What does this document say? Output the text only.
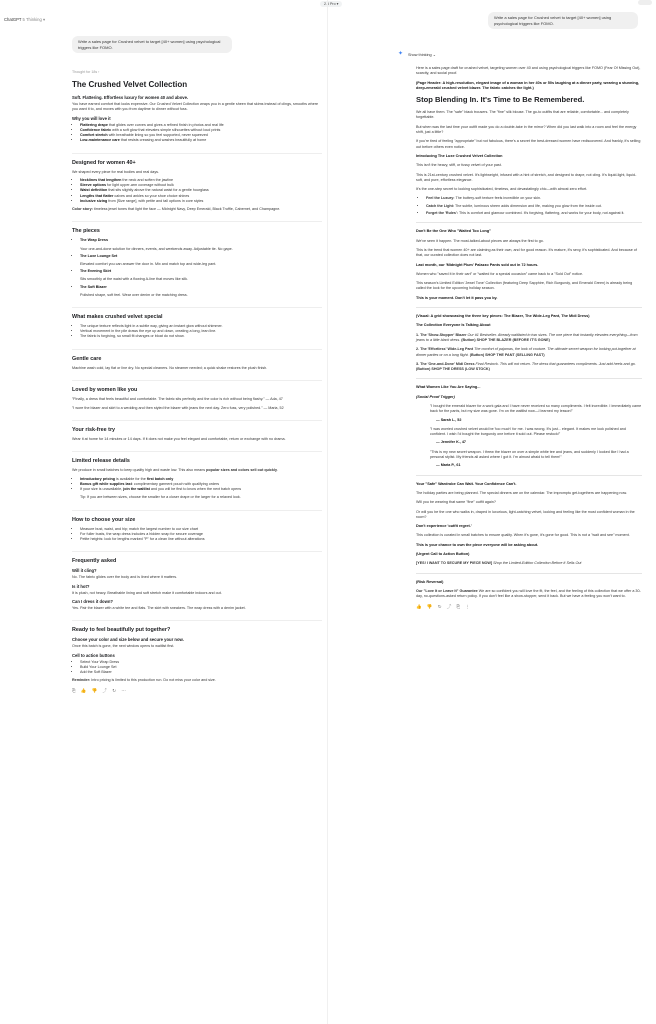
2.5 Pro ▾
ChatGPT 5 Thinking ▾
Write a sales page for Crushed velvet to target [40+ women] using psychological triggers like FOMO.
Thought for 18s ›
The Crushed Velvet Collection
Soft. Flattering. Effortless luxury for women 40 and above.
You have earned comfort that looks expensive. Our Crushed Velvet Collection wraps you in a gentle sheen that skims instead of clings, smooths where you want it to, and moves with you from daytime to dinner without fuss.
Why you will love it
• Flattering drape that glides over curves and gives a refined finish in photos and real life
• Confidence fabric with a soft glow that elevates simple silhouettes without loud prints
• Comfort stretch with breathable lining so you feel supported, never squeezed
• Low-maintenance care that resists creasing and washes beautifully at home
Designed for women 40+
We shaped every piece for real bodies and real days.
• Necklines that lengthen the neck and soften the jawline
• Sleeve options for light upper-arm coverage without bulk
• Waist definition that sits slightly above the natural waist for a gentle hourglass
• Lengths that flatter calves and ankles so your shoe choice shines
• Inclusive sizing from [Size range], with petite and tall options in core styles
Color story: timeless jewel tones that light the face — Midnight Navy, Deep Emerald, Black Truffle, Cabernet, and Champagne.
The pieces
• The Wrap Dress
Your one-and-done solution for dinners, events, and weekends away. Adjustable tie. No gape.
• The Luxe Lounge Set
Elevated comfort you can answer the door in. Mix and match top and wide-leg pant.
• The Evening Skirt
Sits smoothly at the waist with a flowing A-line that moves like silk.
• The Soft Blazer
Polished shape, soft feel. Wear over denim or the matching dress.
What makes crushed velvet special
• The unique texture reflects light in a subtle way, giving an instant glow without shimmer.
• Vertical movement in the pile draws the eye up and down, creating a long, lean line.
• The fabric is forgiving, so small fit changes or bloat do not show.
Gentle care
Machine wash cold, lay flat or line dry. No special cleaners. No steamer needed; a quick shake restores the plush finish.
Loved by women like you
"Finally, a dress that feels beautiful and comfortable. The fabric sits perfectly and the color is rich without being flashy." — Ada, 47
"I wore the blazer and skirt to a wedding and then styled the blazer with jeans the next day. Zero fuss, very polished." — Maria, 52
Your risk-free try
Wear it at home for 14 minutes or 14 days. If it does not make you feel elegant and comfortable, return or exchange with no drama.
Limited release details
We produce in small batches to keep quality high and waste low. This also means popular sizes and colors sell out quickly.
• Introductory pricing is available for the first batch only
• Bonus gift while supplies last: complimentary garment pouch with qualifying orders
• If your size is unavailable, join the waitlist and you will be first to know when the next batch opens
Tip: If you are between sizes, choose the smaller for a closer drape or the larger for a relaxed look.
How to choose your size
• Measure bust, waist, and hip; match the largest number to our size chart
• For fuller busts, the wrap dress includes a hidden snap for secure coverage
• Petite heights: look for lengths marked "P" for a clean line without alterations
Frequently asked
Will it cling?
No. The fabric glides over the body and is lined where it matters.
Is it hot?
It is plush, not heavy. Breathable lining and soft stretch make it comfortable indoors and out.
Can I dress it down?
Yes. Pair the blazer with a white tee and flats. The skirt with sneakers. The wrap dress with a denim jacket.
Ready to feel beautifully put together?
Choose your color and size below and secure your now.
Once this batch is gone, the next window opens to waitlist first.
Cell to action buttons
• Select Your Wrap Dress
• Build Your Lounge Set
• Add the Soft Blazer
Reminder: Intro pricing is limited to this production run. Do not miss your color and size.
⎘ 👍 👎 ⤴ ↻ ⋯
Write a sales page for Crushed velvet to target [40+ women] using psychological triggers like FOMO.
✦ Show thinking ⌄
Here is a sales page draft for crushed velvet, targeting women over 40 and using psychological triggers like FOMO (Fear Of Missing Out), scarcity, and social proof.
(Page Header: A high-resolution, elegant image of a woman in her 40s or 50s laughing at a dinner party, wearing a stunning, deep-emerald crushed velvet blazer. The fabric catches the light.)
Stop Blending In. It's Time to Be Remembered.
We all have them. The "safe" black trousers. The "fine" silk blouse. The go-to outfits that are reliable, comfortable... and completely forgettable.
But when was the last time your outfit made you do a double-take in the mirror? When did you last walk into a room and feel the energy shift, just a little?
If you're tired of feeling "appropriate" but not fabulous, there's a secret the best-dressed women have rediscovered. And frankly, it's selling out before others even notice.
Introducing The Luxe Crushed Velvet Collection
This isn't the heavy, stiff, or fussy velvet of your past.
This is 21st-century crushed velvet. It's lightweight, infused with a hint of stretch, and designed to drape, not cling. It's liquid-light, liquid-soft, and pure, effortless elegance.
It's the one-step secret to looking sophisticated, timeless, and devastatingly chic—with almost zero effort.
• Feel the Luxury: The buttery-soft texture feels incredible on your skin.
• Catch the Light: The subtle, luminous sheen adds dimension and life, making you glow from the inside out.
• Forget the 'Rules': This is comfort and glamour combined. It's forgiving, flattering, and works for your body, not against it.
Don't Be the One Who "Waited Too Long"
We've seen it happen. The most-talked-about pieces are always the first to go.
This is the trend that women 40+ are claiming as their own, and for good reason. It's mature, it's sexy, it's sophisticated. And because of that, our curated collection does not last.
Last month, our 'Midnight Plum' Palazzo Pants sold out in 72 hours.
Women who "saved it in their cart" or "waited for a special occasion" came back to a "Sold Out" notice.
This season's Limited Edition 'Jewel Tone' Collection (featuring Deep Sapphire, Rich Burgundy, and Emerald Green) is already being called the look for the upcoming holiday season.
This is your moment. Don't let it pass you by.
(Visual: A grid showcasing the three key pieces: The Blazer, The Wide-Leg Pant, The Midi Dress)
The Collection Everyone Is Talking About
1. The 'Show-Stopper' Blazer Our #1 Bestseller. Already waitlisted in two sizes. The one piece that instantly elevates everything—from jeans to a little black dress. (Button) SHOP THE BLAZER (BEFORE IT'S GONE)
2. The 'Effortless' Wide-Leg Pant The comfort of pajamas, the look of couture. The ultimate secret weapon for looking put-together at dinner parties or on a long flight. (Button) SHOP THE PANT (SELLING FAST)
3. The 'One-and-Done' Midi Dress Final Restock. This will not return. The dress that guarantees compliments. Just add heels and go. (Button) SHOP THE DRESS (LOW STOCK)
What Women Like You Are Saying...
(Social Proof Trigger)
"I bought the emerald blazer for a work gala and I have never received so many compliments. I felt incredible. I immediately came back for the pants, but my size was gone. I'm on the waitlist now—I learned my lesson!"
— Sarah L., 52
"I was worried crushed velvet would be 'too much' for me. I was wrong. It's just... elegant. It makes me look polished and confident. I wish I'd bought the burgundy one before it sold out. Please restock!"
— Jennifer K., 47
"This is my new secret weapon. I threw the blazer on over a simple white tee and jeans, and suddenly I looked like I had a personal stylist. My friends all asked where I got it. I'm almost afraid to tell them!"
— Maria P., 61
Your "Safe" Wardrobe Can Wait. Your Confidence Can't.
The holiday parties are being planned. The special dinners are on the calendar. The impromptu get-togethers are happening now.
Will you be wearing that same "fine" outfit again?
Or will you be the one who walks in, draped in luxurious, light-catching velvet, looking and feeling like the most confident woman in the room?
Don't experience 'outfit regret.'
This collection is curated in small batches to ensure quality. When it's gone, it's gone for good. This is not a "wait and see" moment.
This is your chance to own the piece everyone will be asking about.
(Urgent Call to Action Button)
[YES! I WANT TO SECURE MY PIECE NOW] Shop the Limited-Edition Collection Before It Sells Out
(Risk Reversal)
Our "Love It or Leave It" Guarantee We are so confident you will love the fit, the feel, and the feeling of this collection that we offer a 30-day, no-questions-asked return policy. If you don't feel like a show-stopper, send it back. But we have a feeling you won't want to.
👍 👎 ↻ ⤴ ⎘ ⋮
